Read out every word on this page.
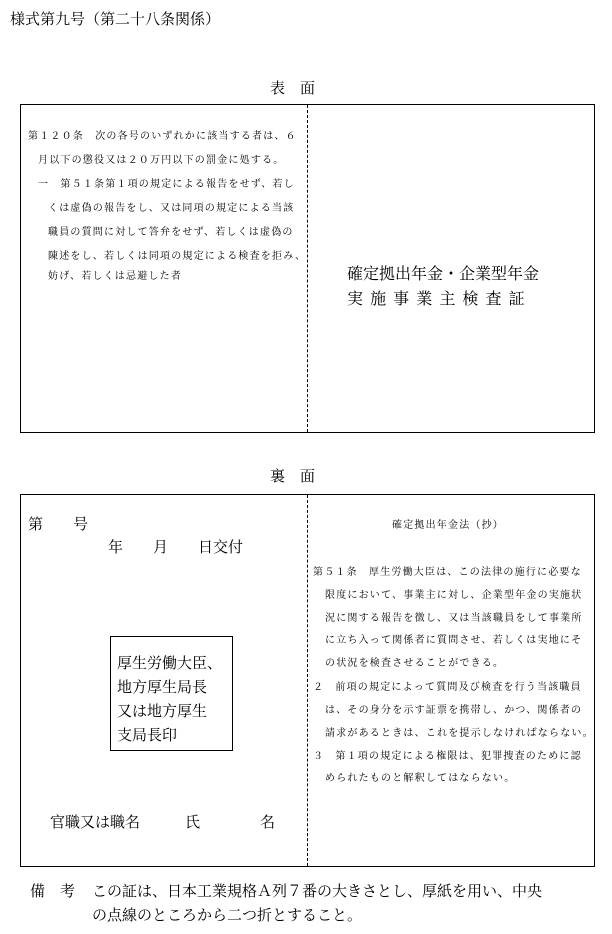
様式第九号（第二十八条関係）
表　面
第１２０条　次の各号のいずれかに該当する者は、６
月以下の懲役又は２０万円以下の罰金に処する。
一　第５１条第１項の規定による報告をせず、若し
くは虚偽の報告をし、又は同項の規定による当該
職員の質問に対して答弁をせず、若しくは虚偽の
陳述をし、若しくは同項の規定による検査を拒み、
妨げ、若しくは忌避した者	確定拠出年金・企業型年金
実 施 事 業 主 検 査 証
裏　面
第　　号
年　　月　　日交付
厚生労働大臣、
地方厚生局長
又は地方厚生
支局長印
官職又は職名　　　氏　　　　名
確定拠出年金法（抄）
第５１条　厚生労働大臣は、この法律の施行に必要な
限度において、事業主に対し、企業型年金の実施状
況に関する報告を徴し、又は当該職員をして事業所
に立ち入って関係者に質問させ、若しくは実地にそ
の状況を検査させることができる。
２　前項の規定によって質問及び検査を行う当該職員
は、その身分を示す証票を携帯し、かつ、関係者の
請求があるときは、これを提示しなければならない。
３　第１項の規定による権限は、犯罪捜査のために認
められたものと解釈してはならない。
備　考 この証は、日本工業規格Ａ列７番の大きさとし、厚紙を用い、中央
の点線のところから二つ折とすること。
